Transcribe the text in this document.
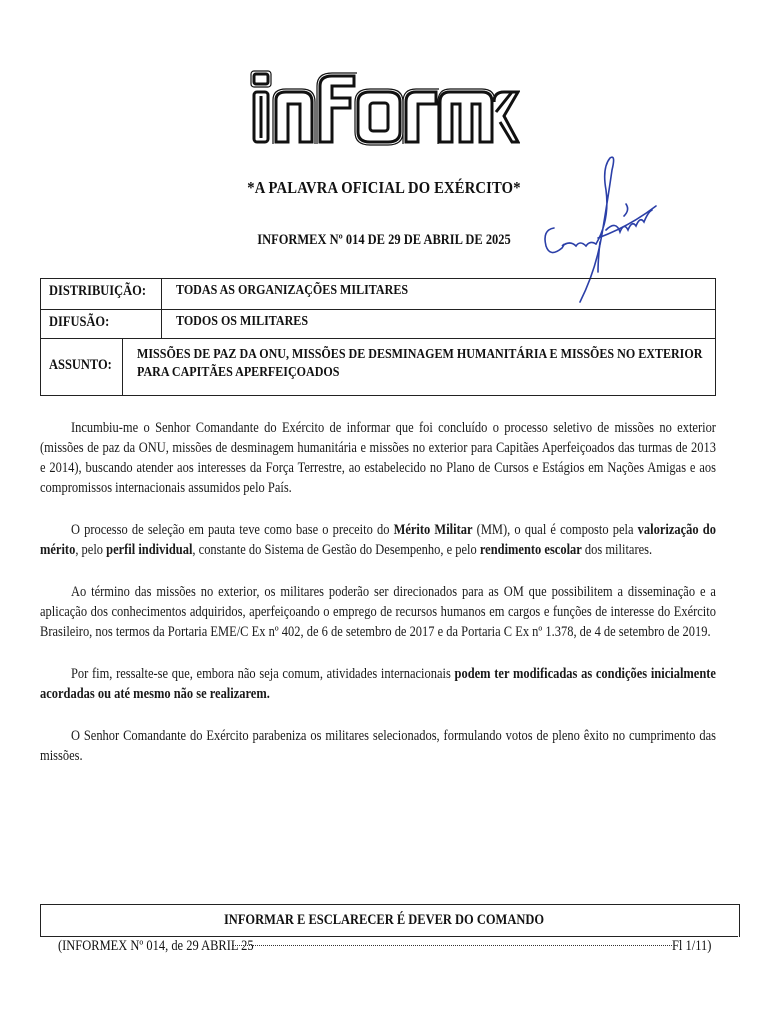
*A PALAVRA OFICIAL DO EXÉRCITO*
INFORMEX Nº 014 DE 29 DE ABRIL DE 2025
DISTRIBUIÇÃO:	TODAS AS ORGANIZAÇÕES MILITARES
DIFUSÃO:	TODOS OS MILITARES
ASSUNTO:
MISSÕES DE PAZ DA ONU, MISSÕES DE DESMINAGEM HUMANITÁRIA E MISSÕES NO EXTERIOR
PARA CAPITÃES APERFEIÇOADOS

Incumbiu-me o Senhor Comandante do Exército de informar que foi concluído o processo seletivo de missões no exterior (missões de paz da ONU, missões de desminagem humanitária e missões no exterior para Capitães Aperfeiçoados das turmas de 2013 e 2014), buscando atender aos interesses da Força Terrestre, ao estabelecido no Plano de Cursos e Estágios em Nações Amigas e aos compromissos internacionais assumidos pelo País.

O processo de seleção em pauta teve como base o preceito do Mérito Militar (MM), o qual é composto pela valorização do mérito, pelo perfil individual, constante do Sistema de Gestão do Desempenho, e pelo rendimento escolar dos militares.

Ao término das missões no exterior, os militares poderão ser direcionados para as OM que possibilitem a disseminação e a aplicação dos conhecimentos adquiridos, aperfeiçoando o emprego de recursos humanos em cargos e funções de interesse do Exército Brasileiro, nos termos da Portaria EME/C Ex nº 402, de 6 de setembro de 2017 e da Portaria C Ex nº 1.378, de 4 de setembro de 2019.

Por fim, ressalte-se que, embora não seja comum, atividades internacionais podem ter modificadas as condições inicialmente acordadas ou até mesmo não se realizarem.

O Senhor Comandante do Exército parabeniza os militares selecionados, formulando votos de pleno êxito no cumprimento das missões.

INFORMAR E ESCLARECER É DEVER DO COMANDO
(INFORMEX Nº 014, de 29 ABRIL 25	Fl 1/11)
